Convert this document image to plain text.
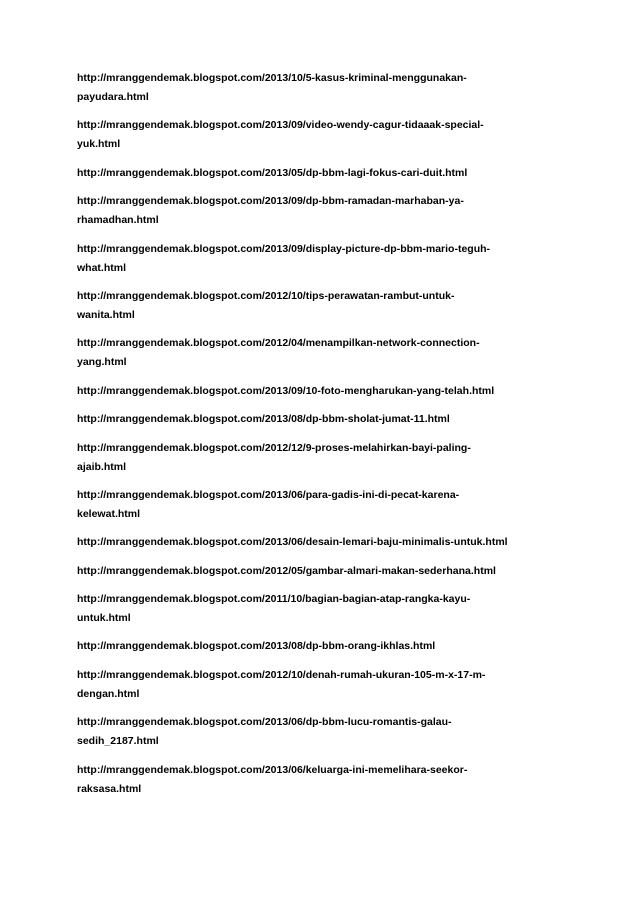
http://mranggendemak.blogspot.com/2013/10/5-kasus-kriminal-menggunakan-
payudara.html
http://mranggendemak.blogspot.com/2013/09/video-wendy-cagur-tidaaak-special-
yuk.html
http://mranggendemak.blogspot.com/2013/05/dp-bbm-lagi-fokus-cari-duit.html
http://mranggendemak.blogspot.com/2013/09/dp-bbm-ramadan-marhaban-ya-
rhamadhan.html
http://mranggendemak.blogspot.com/2013/09/display-picture-dp-bbm-mario-teguh-
what.html
http://mranggendemak.blogspot.com/2012/10/tips-perawatan-rambut-untuk-
wanita.html
http://mranggendemak.blogspot.com/2012/04/menampilkan-network-connection-
yang.html
http://mranggendemak.blogspot.com/2013/09/10-foto-mengharukan-yang-telah.html
http://mranggendemak.blogspot.com/2013/08/dp-bbm-sholat-jumat-11.html
http://mranggendemak.blogspot.com/2012/12/9-proses-melahirkan-bayi-paling-
ajaib.html
http://mranggendemak.blogspot.com/2013/06/para-gadis-ini-di-pecat-karena-
kelewat.html
http://mranggendemak.blogspot.com/2013/06/desain-lemari-baju-minimalis-untuk.html
http://mranggendemak.blogspot.com/2012/05/gambar-almari-makan-sederhana.html
http://mranggendemak.blogspot.com/2011/10/bagian-bagian-atap-rangka-kayu-
untuk.html
http://mranggendemak.blogspot.com/2013/08/dp-bbm-orang-ikhlas.html
http://mranggendemak.blogspot.com/2012/10/denah-rumah-ukuran-105-m-x-17-m-
dengan.html
http://mranggendemak.blogspot.com/2013/06/dp-bbm-lucu-romantis-galau-
sedih_2187.html
http://mranggendemak.blogspot.com/2013/06/keluarga-ini-memelihara-seekor-
raksasa.html
